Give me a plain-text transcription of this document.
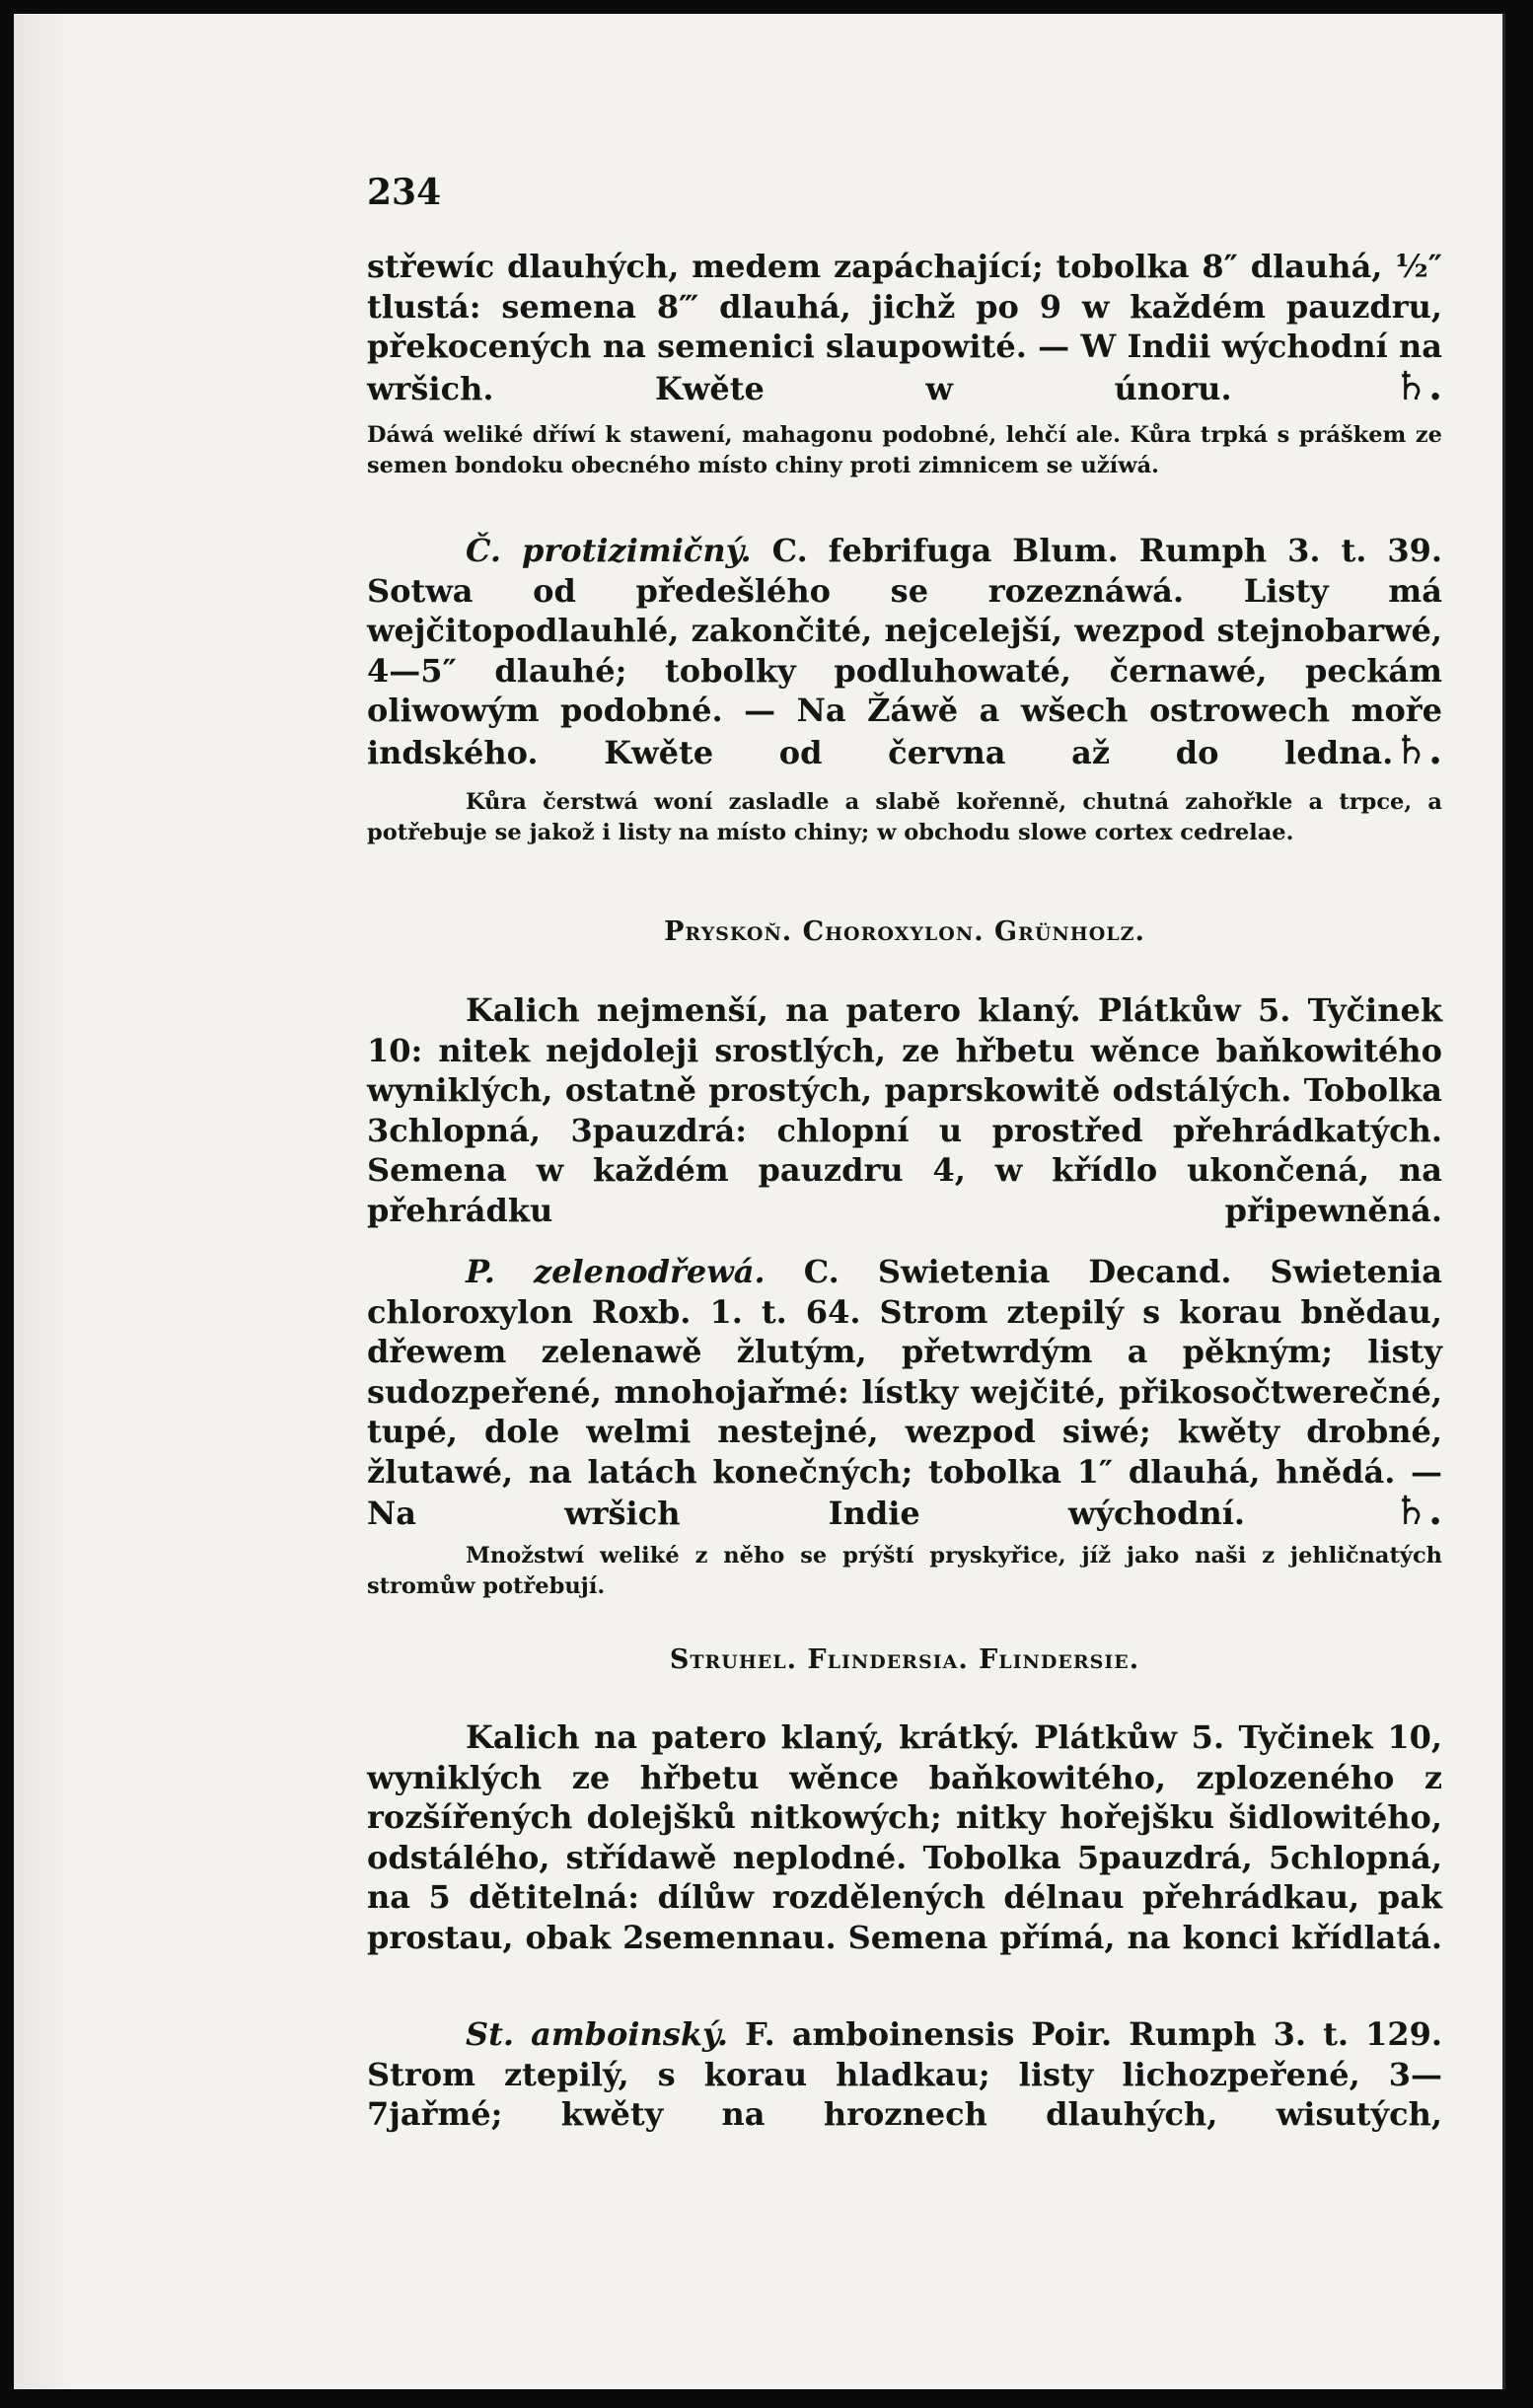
234

střewíc dlauhých, medem zapáchající; tobolka 8″ dlauhá, ½″ tlustá: semena 8‴ dlauhá, jichž po 9 w každém pauzdru, překocených na semenici slaupowité. — W Indii wýchodní na wršich. Kwěte w únoru.	♄.

Dáwá weliké dříwí k stawení, mahagonu podobné, lehčí ale. Kůra trpká s práškem ze semen bondoku obecného místo chiny proti zimnicem se užíwá.

Č. protizimičný. C. febrifuga Blum. Rumph 3. t. 39. Sotwa od předešlého se rozeznáwá. Listy má wejčitopodlauhlé, zakončité, nejcelejší, wezpod stejnobarwé, 4—5″ dlauhé; tobolky podluhowaté, černawé, peckám oliwowým podobné. — Na Žáwě a wšech ostrowech moře indského. Kwěte od června až do ledna.♄.

Kůra čerstwá woní zasladle a slabě kořenně, chutná zahořkle a trpce, a potřebuje se jakož i listy na místo chiny; w obchodu slowe cortex cedrelae.

Pryskoň. Choroxylon. Grünholz.

Kalich nejmenší, na patero klaný. Plátkůw 5. Tyčinek 10: nitek nejdoleji srostlých, ze hřbetu wěnce baňkowitého wyniklých, ostatně prostých, paprskowitě odstálých. Tobolka 3chlopná, 3pauzdrá: chlopní u prostřed přehrádkatých. Semena w každém pauzdru 4, w křídlo ukončená, na přehrádku připewněná.

P. zelenodřewá. C. Swietenia Decand. Swietenia chloroxylon Roxb. 1. t. 64. Strom ztepilý s korau bnědau, dřewem zelenawě žlutým, přetwrdým a pěkným; listy sudozpeřené, mnohojařmé: lístky wejčité, přikosočtwerečné, tupé, dole welmi nestejné, wezpod siwé; kwěty drobné, žlutawé, na latách konečných; tobolka 1″ dlauhá, hnědá. — Na wršich Indie wýchodní.	♄.

Množstwí weliké z něho se prýští pryskyřice, jíž jako naši z jehličnatých stromůw potřebují.

Struhel. Flindersia. Flindersie.

Kalich na patero klaný, krátký. Plátkůw 5. Tyčinek 10, wyniklých ze hřbetu wěnce baňkowitého, zplozeného z rozšířených dolejšků nitkowých; nitky hořejšku šidlowitého, odstálého, střídawě neplodné. Tobolka 5pauzdrá, 5chlopná, na 5 dětitelná: dílůw rozdělených délnau přehrádkau, pak prostau, obak 2semennau. Semena přímá, na konci křídlatá.

St. amboinský. F. amboinensis Poir. Rumph 3. t. 129. Strom ztepilý, s korau hladkau; listy lichozpeřené, 3—7jařmé; kwěty na hroznech dlauhých, wisutých,
